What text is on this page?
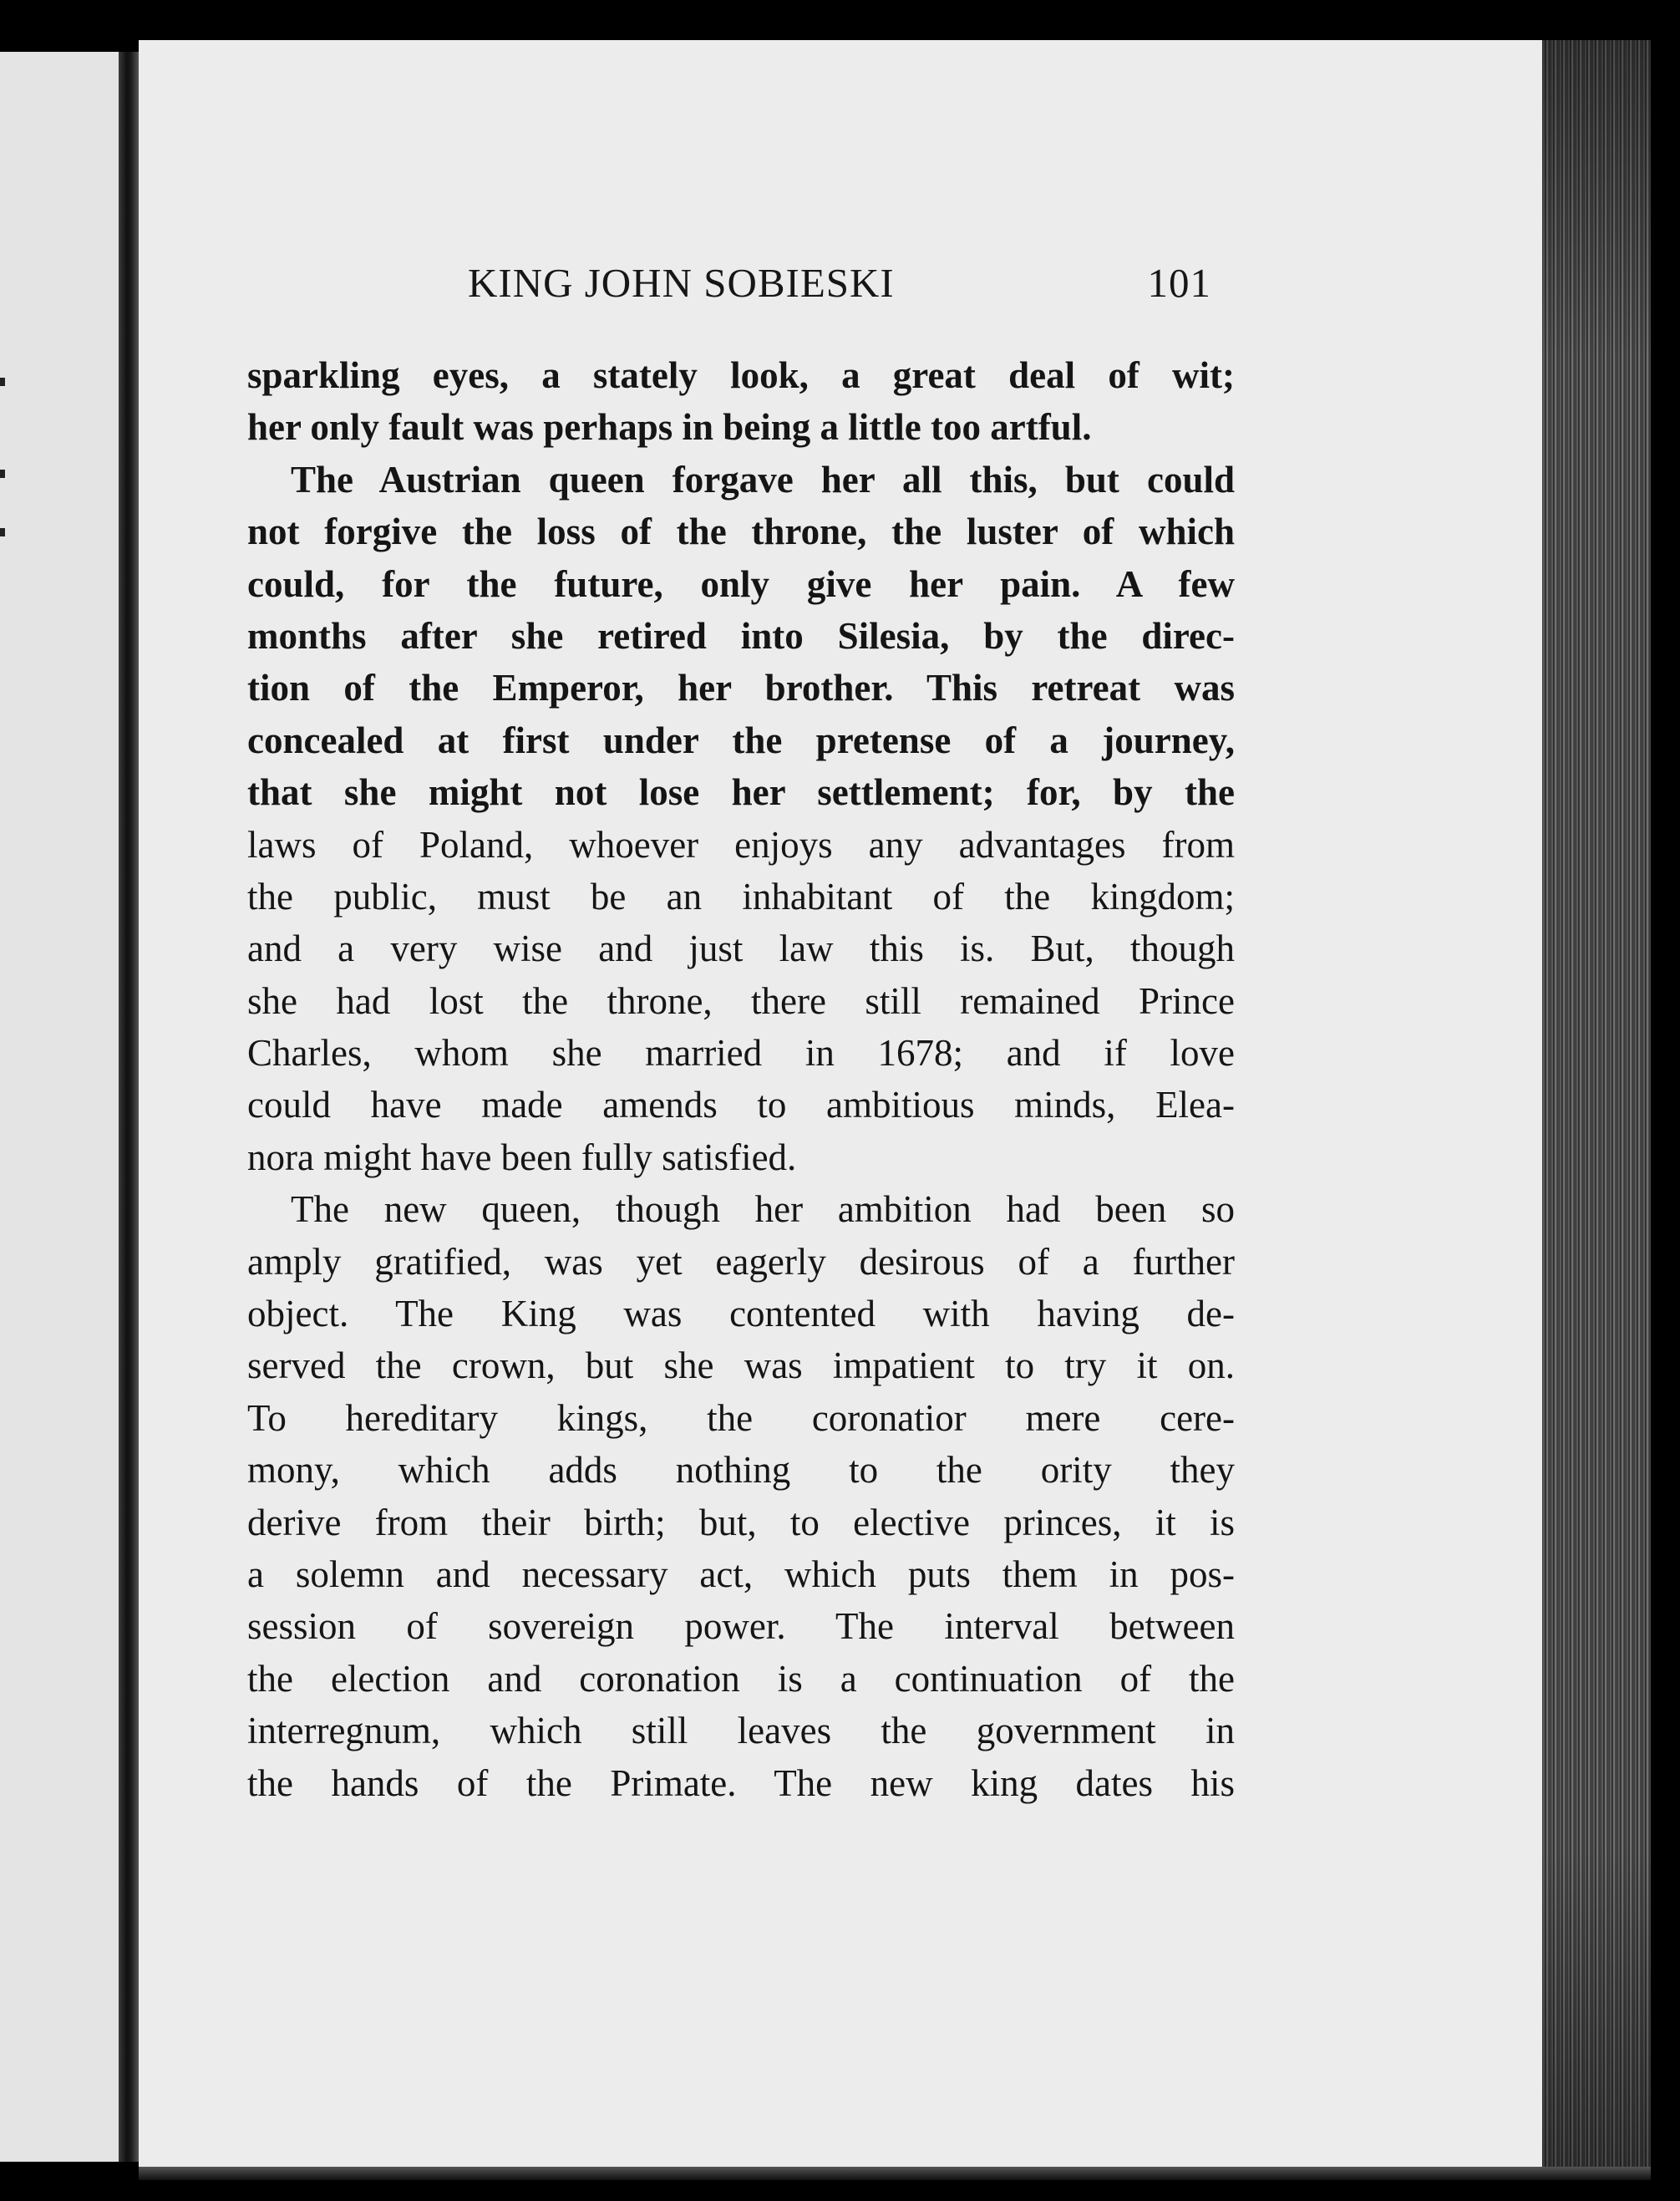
KING JOHN SOBIESKI	101
sparkling eyes, a stately look, a great deal of wit;
her only fault was perhaps in being a little too artful.
The Austrian queen forgave her all this, but could
not forgive the loss of the throne, the luster of which
could, for the future, only give her pain. A few
months after she retired into Silesia, by the direc-
tion of the Emperor, her brother. This retreat was
concealed at first under the pretense of a journey,
that she might not lose her settlement; for, by the
laws of Poland, whoever enjoys any advantages from
the public, must be an inhabitant of the kingdom;
and a very wise and just law this is. But, though
she had lost the throne, there still remained Prince
Charles, whom she married in 1678; and if love
could have made amends to ambitious minds, Elea-
nora might have been fully satisfied.
The new queen, though her ambition had been so
amply gratified, was yet eagerly desirous of a further
object. The King was contented with having de-
served the crown, but she was impatient to try it on.
To hereditary kings, the coronatior mere cere-
mony, which adds nothing to the ority they
derive from their birth; but, to elective princes, it is
a solemn and necessary act, which puts them in pos-
session of sovereign power. The interval between
the election and coronation is a continuation of the
interregnum, which still leaves the government in
the hands of the Primate. The new king dates his
